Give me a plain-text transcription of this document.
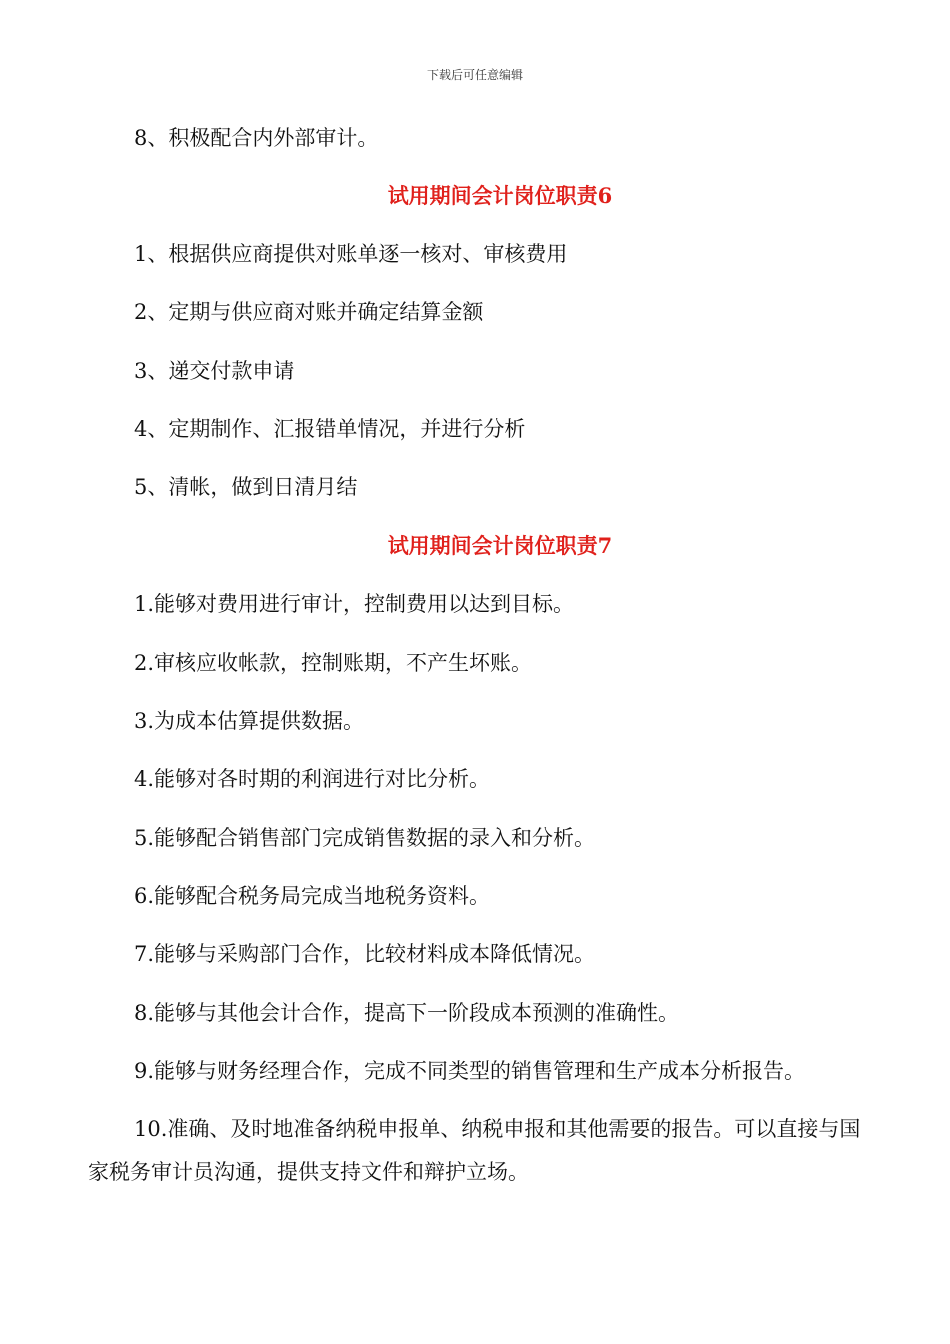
下载后可任意编辑
8、积极配合内外部审计。
试用期间会计岗位职责6
1、根据供应商提供对账单逐一核对、审核费用
2、定期与供应商对账并确定结算金额
3、递交付款申请
4、定期制作、汇报错单情况，并进行分析
5、清帐，做到日清月结
试用期间会计岗位职责7
1.能够对费用进行审计，控制费用以达到目标。
2.审核应收帐款，控制账期，不产生坏账。
3.为成本估算提供数据。
4.能够对各时期的利润进行对比分析。
5.能够配合销售部门完成销售数据的录入和分析。
6.能够配合税务局完成当地税务资料。
7.能够与采购部门合作，比较材料成本降低情况。
8.能够与其他会计合作，提高下一阶段成本预测的准确性。
9.能够与财务经理合作，完成不同类型的销售管理和生产成本分析报告。
10.准确、及时地准备纳税申报单、纳税申报和其他需要的报告。可以直接与国家税务审计员沟通，提供支持文件和辩护立场。
